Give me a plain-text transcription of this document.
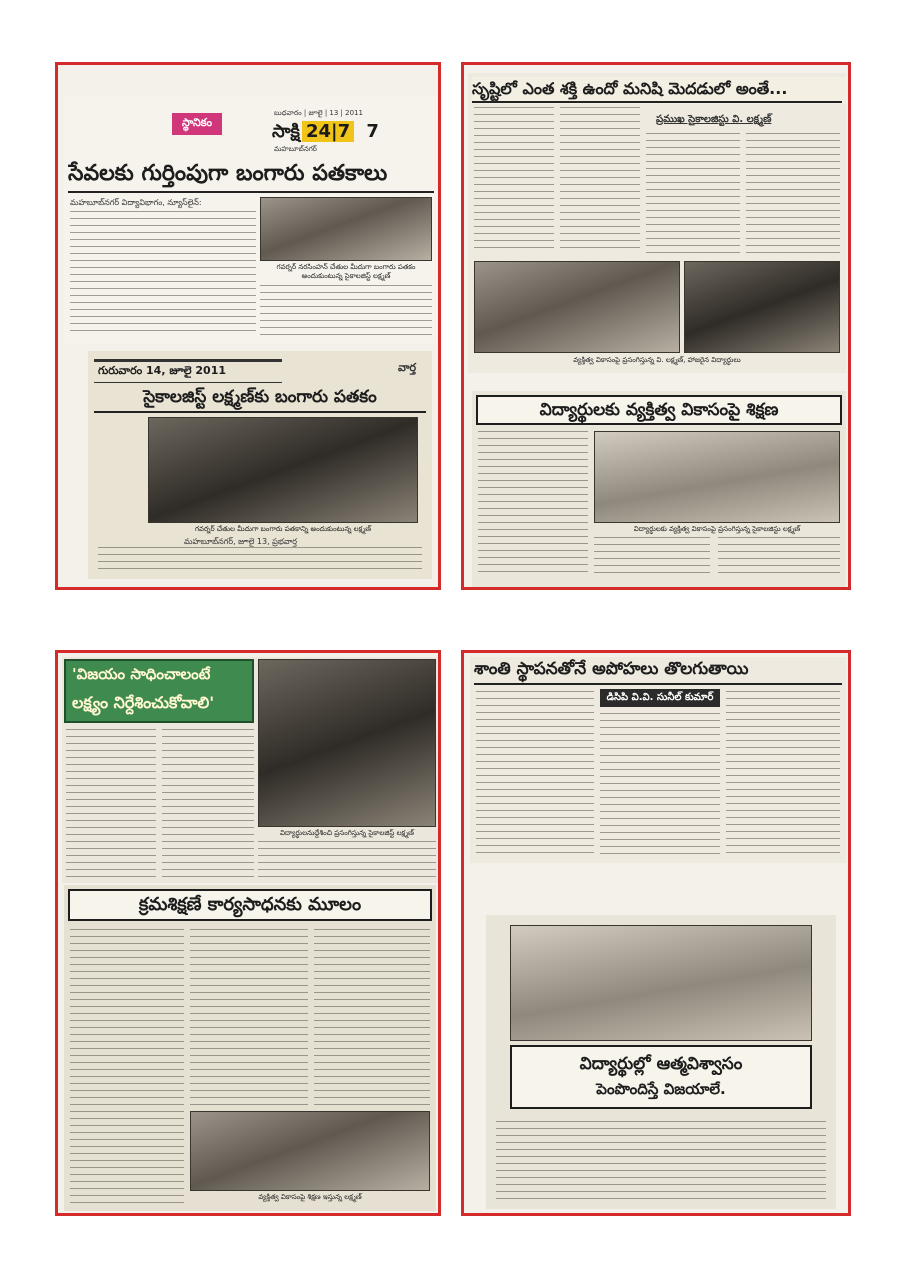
స్థానికం
బుధవారం | జూలై | 13 | 2011
సాక్షి 24|7 7
మహబూబ్‌నగర్
సేవలకు గుర్తింపుగా బంగారు పతకాలు
మహబూబ్‌నగర్ విద్యావిభాగం, న్యూస్‌లైన్:
గవర్నర్ నరసింహన్ చేతుల మీదుగా బంగారు పతకం అందుకుంటున్న సైకాలజిస్ట్ లక్ష్మణ్
గురువారం 14, జూలై 2011	వార్త
సైకాలజిస్ట్ లక్ష్మణ్‌కు బంగారు పతకం
గవర్నర్ చేతుల మీదుగా బంగారు పతకాన్ని అందుకుంటున్న లక్ష్మణ్
మహబూబ్‌నగర్, జూలై 13, ప్రభవార్త
సృష్టిలో ఎంత శక్తి ఉందో మనిషి మెదడులో అంతే...
ప్రముఖ సైకాలజిస్టు వి. లక్ష్మణ్
వ్యక్తిత్వ వికాసంపై ప్రసంగిస్తున్న వి. లక్ష్మణ్, హాజరైన విద్యార్థులు
విద్యార్థులకు వ్యక్తిత్వ వికాసంపై శిక్షణ
విద్యార్థులకు వ్యక్తిత్వ వికాసంపై ప్రసంగిస్తున్న సైకాలజిస్టు లక్ష్మణ్
'విజయం సాధించాలంటే
లక్ష్యం నిర్దేశించుకోవాలి'
విద్యార్థులనుద్దేశించి ప్రసంగిస్తున్న సైకాలజిస్ట్ లక్ష్మణ్
క్రమశిక్షణే కార్యసాధనకు మూలం
వ్యక్తిత్వ వికాసంపై శిక్షణ ఇస్తున్న లక్ష్మణ్
శాంతి స్థాపనతోనే అపోహలు తొలగుతాయి
డిసిపి వి.వి. సునీల్ కుమార్
విద్యార్థుల్లో ఆత్మవిశ్వాసం
పెంపొందిస్తే విజయాలే.
